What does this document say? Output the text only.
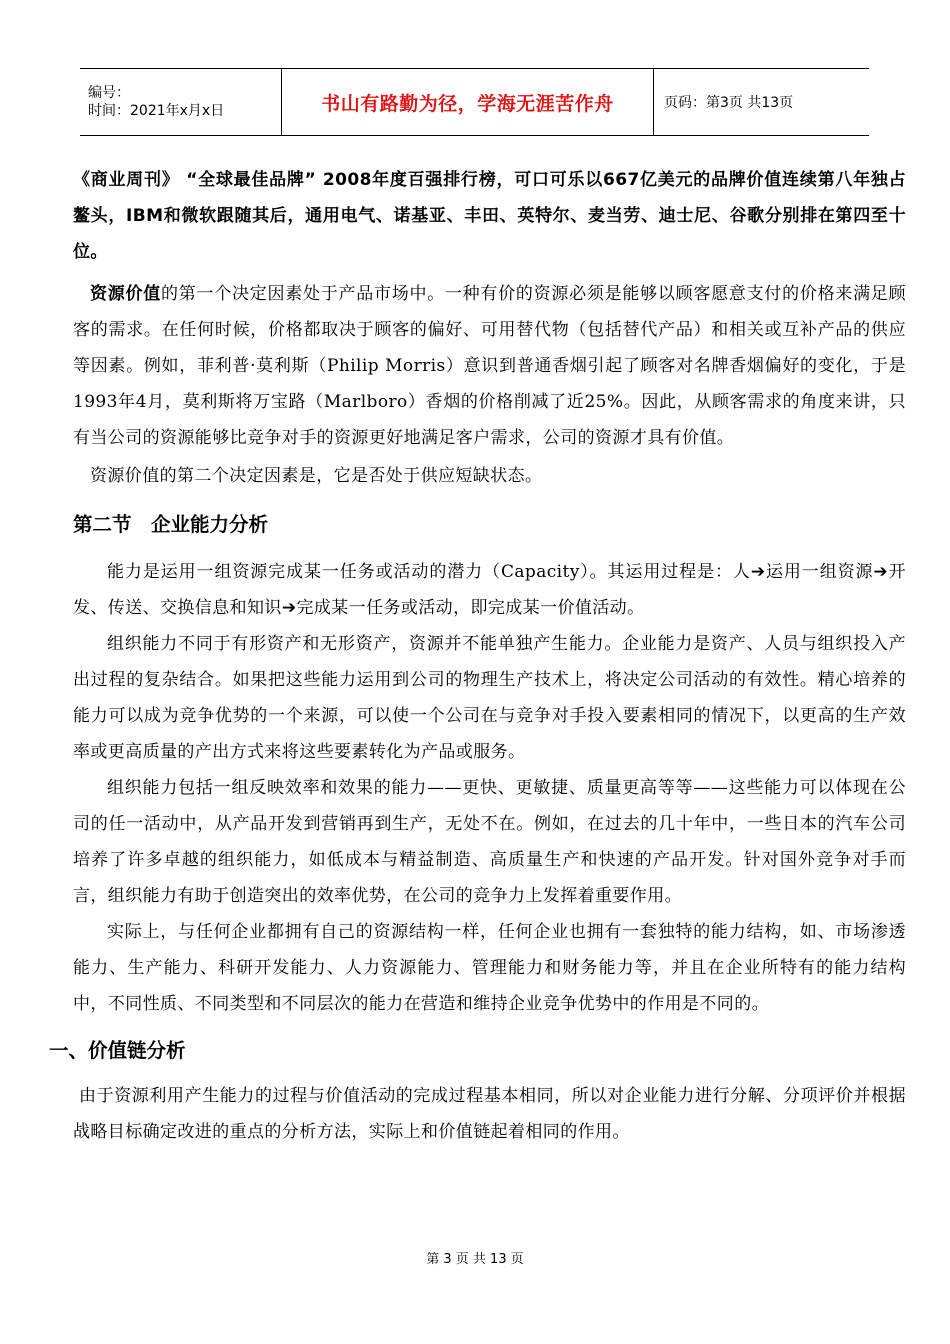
编号：
时间：2021年x月x日	书山有路勤为径，学海无涯苦作舟	页码：第3页 共13页

《商业周刊》 “全球最佳品牌” 2008年度百强排行榜，可口可乐以667亿美元的品牌价值连续第八年独占鳌头，IBM和微软跟随其后，通用电气、诺基亚、丰田、英特尔、麦当劳、迪士尼、谷歌分别排在第四至十位。

资源价值的第一个决定因素处于产品市场中。一种有价的资源必须是能够以顾客愿意支付的价格来满足顾客的需求。在任何时候，价格都取决于顾客的偏好、可用替代物（包括替代产品）和相关或互补产品的供应等因素。例如，菲利普·莫利斯（Philip Morris）意识到普通香烟引起了顾客对名牌香烟偏好的变化，于是1993年4月，莫利斯将万宝路（Marlboro）香烟的价格削减了近25%。因此，从顾客需求的角度来讲，只有当公司的资源能够比竞争对手的资源更好地满足客户需求，公司的资源才具有价值。

资源价值的第二个决定因素是，它是否处于供应短缺状态。

第二节　企业能力分析

能力是运用一组资源完成某一任务或活动的潜力（Capacity）。其运用过程是：人➔运用一组资源➔开发、传送、交换信息和知识➔完成某一任务或活动，即完成某一价值活动。

组织能力不同于有形资产和无形资产，资源并不能单独产生能力。企业能力是资产、人员与组织投入产出过程的复杂结合。如果把这些能力运用到公司的物理生产技术上，将决定公司活动的有效性。精心培养的能力可以成为竞争优势的一个来源，可以使一个公司在与竞争对手投入要素相同的情况下，以更高的生产效率或更高质量的产出方式来将这些要素转化为产品或服务。

组织能力包括一组反映效率和效果的能力——更快、更敏捷、质量更高等等——这些能力可以体现在公司的任一活动中，从产品开发到营销再到生产，无处不在。例如，在过去的几十年中，一些日本的汽车公司培养了许多卓越的组织能力，如低成本与精益制造、高质量生产和快速的产品开发。针对国外竞争对手而言，组织能力有助于创造突出的效率优势，在公司的竞争力上发挥着重要作用。

实际上，与任何企业都拥有自己的资源结构一样，任何企业也拥有一套独特的能力结构，如、市场渗透能力、生产能力、科研开发能力、人力资源能力、管理能力和财务能力等，并且在企业所特有的能力结构中，不同性质、不同类型和不同层次的能力在营造和维持企业竞争优势中的作用是不同的。

一、价值链分析

由于资源利用产生能力的过程与价值活动的完成过程基本相同，所以对企业能力进行分解、分项评价并根据战略目标确定改进的重点的分析方法，实际上和价值链起着相同的作用。

第 3 页 共 13 页
